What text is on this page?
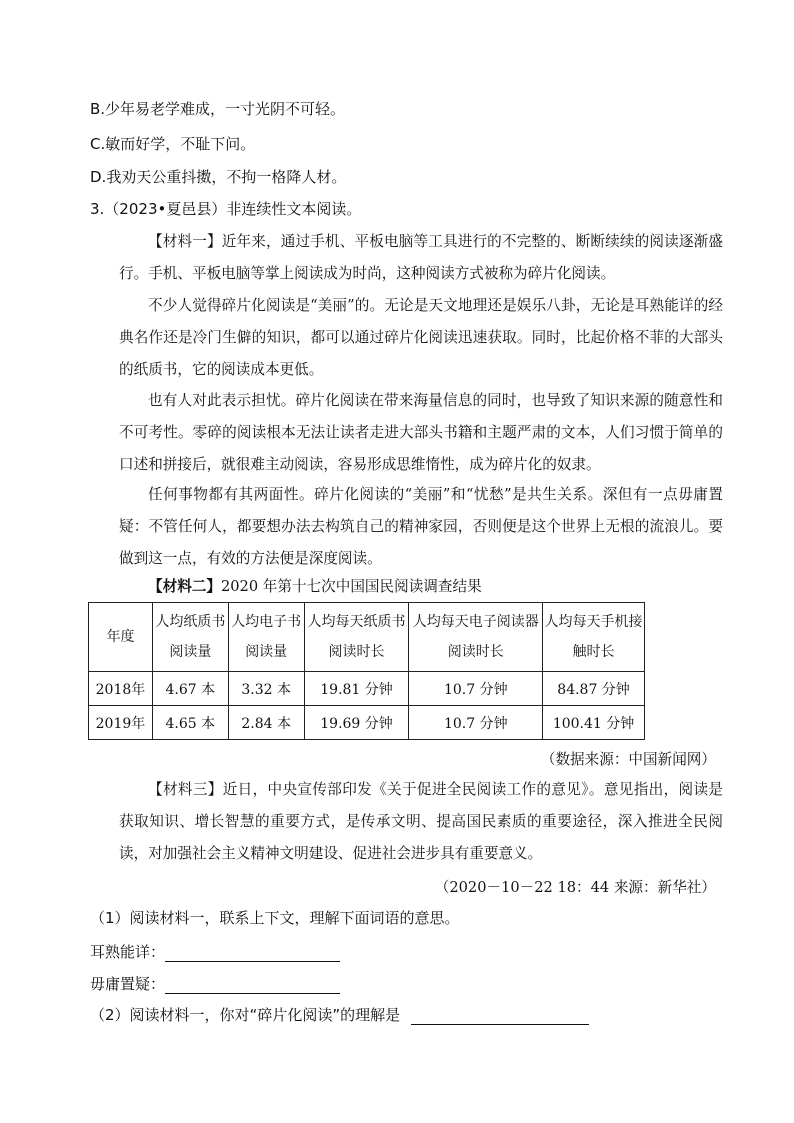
B.少年易老学难成，一寸光阴不可轻。
C.敏而好学，不耻下问。
D.我劝天公重抖擞，不拘一格降人材。
3.（2023•夏邑县）非连续性文本阅读。
【材料一】近年来，通过手机、平板电脑等工具进行的不完整的、断断续续的阅读逐渐盛行。手机、平板电脑等掌上阅读成为时尚，这种阅读方式被称为碎片化阅读。
不少人觉得碎片化阅读是“美丽”的。无论是天文地理还是娱乐八卦，无论是耳熟能详的经典名作还是冷门生僻的知识，都可以通过碎片化阅读迅速获取。同时，比起价格不菲的大部头的纸质书，它的阅读成本更低。
也有人对此表示担忧。碎片化阅读在带来海量信息的同时，也导致了知识来源的随意性和不可考性。零碎的阅读根本无法让读者走进大部头书籍和主题严肃的文本，人们习惯于简单的口述和拼接后，就很难主动阅读，容易形成思维惰性，成为碎片化的奴隶。
任何事物都有其两面性。碎片化阅读的“美丽”和“忧愁”是共生关系。深但有一点毋庸置疑：不管任何人，都要想办法去构筑自己的精神家园，否则便是这个世界上无根的流浪儿。要做到这一点，有效的方法便是深度阅读。
【材料二】2020 年第十七次中国国民阅读调查结果
年度	人均纸质书阅读量	人均电子书阅读量	人均每天纸质书阅读时长	人均每天电子阅读器阅读时长	人均每天手机接触时长
2018年	4.67 本	3.32 本	19.81 分钟	10.7 分钟	84.87 分钟
2019年	4.65 本	2.84 本	19.69 分钟	10.7 分钟	100.41 分钟
（数据来源：中国新闻网）
【材料三】近日，中央宣传部印发《关于促进全民阅读工作的意见》。意见指出，阅读是获取知识、增长智慧的重要方式，是传承文明、提高国民素质的重要途径，深入推进全民阅读，对加强社会主义精神文明建设、促进社会进步具有重要意义。
（2020－10－22 18：44 来源：新华社）
（1）阅读材料一，联系上下文，理解下面词语的意思。
耳熟能详：
毋庸置疑：
（2）阅读材料一，你对“碎片化阅读”的理解是
